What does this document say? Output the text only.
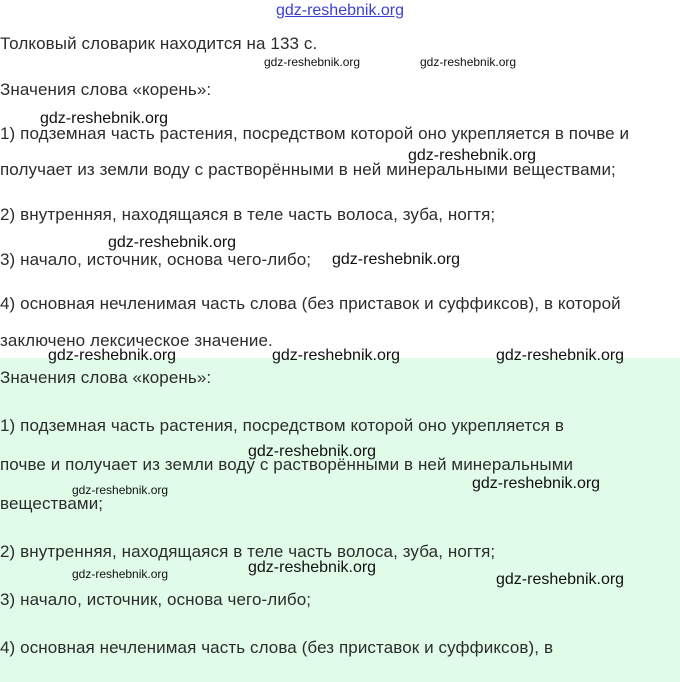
gdz-reshebnik.org
Толковый словарик находится на 133 с.
Значения слова «корень»:
1) подземная часть растения, посредством которой оно укрепляется в почве и
получает из земли воду с растворёнными в ней минеральными веществами;
2) внутренняя, находящаяся в теле часть волоса, зуба, ногтя;
3) начало, источник, основа чего-либо;
4) основная нечленимая часть слова (без приставок и суффиксов), в которой
заключено лексическое значение.
Значения слова «корень»:
1) подземная часть растения, посредством которой оно укрепляется в
почве и получает из земли воду с растворёнными в ней минеральными
веществами;
2) внутренняя, находящаяся в теле часть волоса, зуба, ногтя;
3) начало, источник, основа чего-либо;
4) основная нечленимая часть слова (без приставок и суффиксов), в
gdz-reshebnik.org	gdz-reshebnik.org
gdz-reshebnik.org
gdz-reshebnik.org
gdz-reshebnik.org
gdz-reshebnik.org
gdz-reshebnik.org	gdz-reshebnik.org	gdz-reshebnik.org
gdz-reshebnik.org
gdz-reshebnik.org	gdz-reshebnik.org
gdz-reshebnik.org
gdz-reshebnik.org	gdz-reshebnik.org
